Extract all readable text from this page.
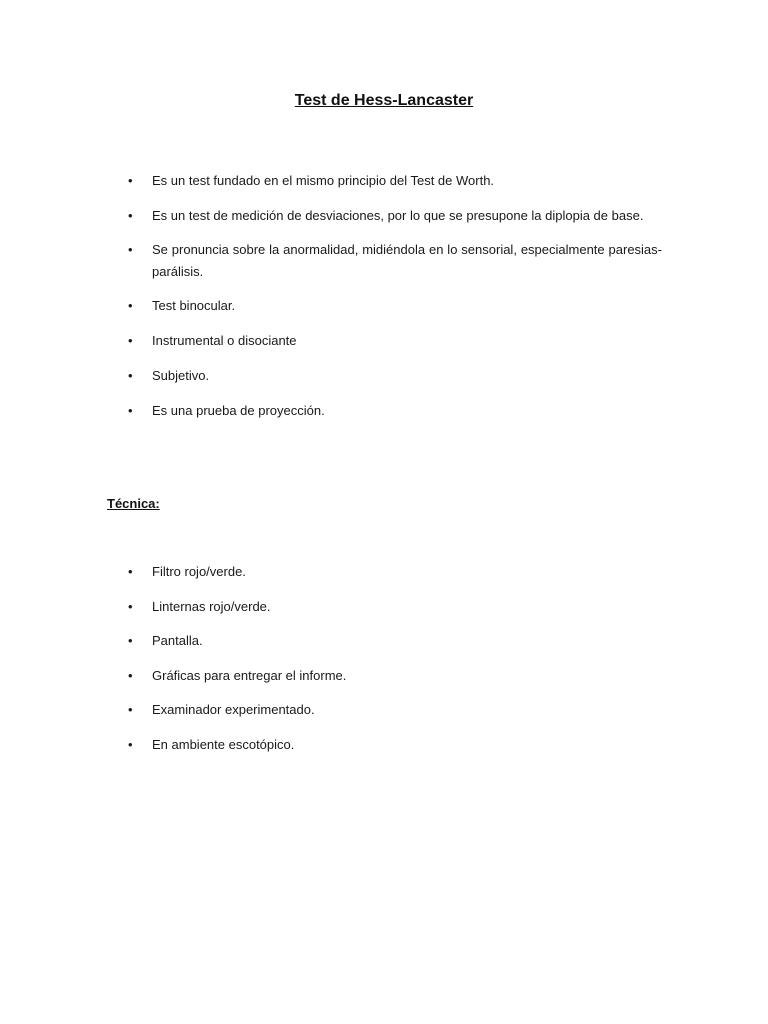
Test de Hess-Lancaster
•	Es un test fundado en el mismo principio del Test de Worth.
•	Es un test de medición de desviaciones, por lo que se presupone la diplopia de base.
•	Se pronuncia sobre la anormalidad, midiéndola en lo sensorial, especialmente paresias-parálisis.
•	Test binocular.
•	Instrumental o disociante
•	Subjetivo.
•	Es una prueba de proyección.
Técnica:
•	Filtro rojo/verde.
•	Linternas rojo/verde.
•	Pantalla.
•	Gráficas para entregar el informe.
•	Examinador experimentado.
•	En ambiente escotópico.
